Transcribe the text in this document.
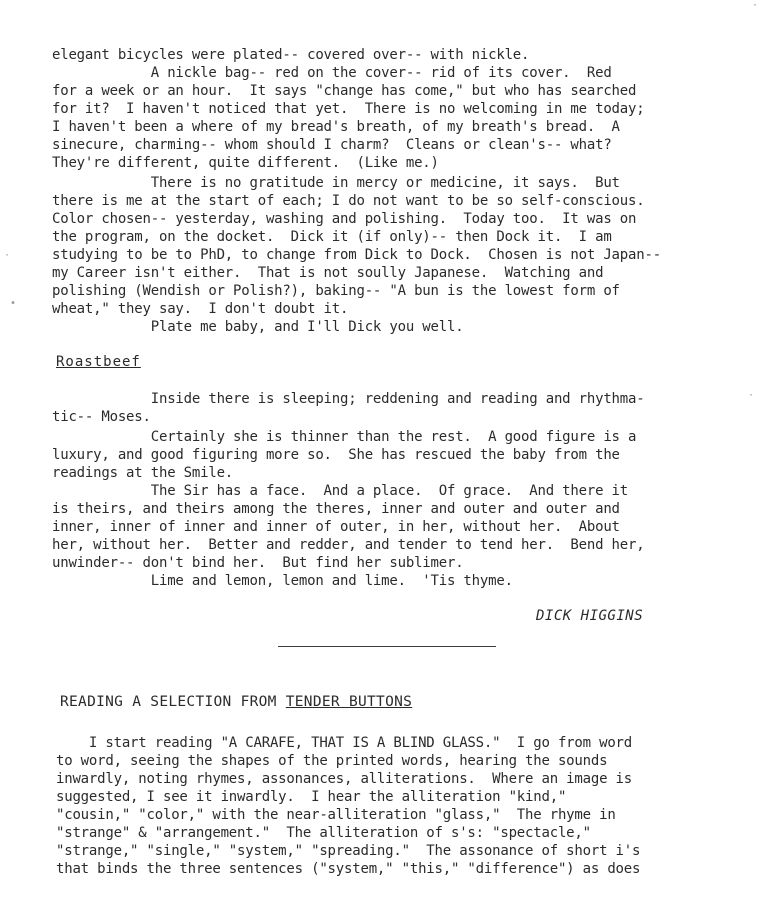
elegant bicycles were plated-- covered over-- with nickle.
A nickle bag-- red on the cover-- rid of its cover.  Red
for a week or an hour.  It says "change has come," but who has searched
for it?  I haven't noticed that yet.  There is no welcoming in me today;
I haven't been a where of my bread's breath, of my breath's bread.  A
sinecure, charming-- whom should I charm?  Cleans or clean's-- what?
They're different, quite different.  (Like me.)
There is no gratitude in mercy or medicine, it says.  But
there is me at the start of each; I do not want to be so self-conscious.
Color chosen-- yesterday, washing and polishing.  Today too.  It was on
the program, on the docket.  Dick it (if only)-- then Dock it.  I am
studying to be to PhD, to change from Dick to Dock.  Chosen is not Japan--
my Career isn't either.  That is not soully Japanese.  Watching and
polishing (Wendish or Polish?), baking-- "A bun is the lowest form of
wheat," they say.  I don't doubt it.
Plate me baby, and I'll Dick you well.
Roastbeef
Inside there is sleeping; reddening and reading and rhythma-
tic-- Moses.
Certainly she is thinner than the rest.  A good figure is a
luxury, and good figuring more so.  She has rescued the baby from the
readings at the Smile.
The Sir has a face.  And a place.  Of grace.  And there it
is theirs, and theirs among the theres, inner and outer and outer and
inner, inner of inner and inner of outer, in her, without her.  About
her, without her.  Better and redder, and tender to tend her.  Bend her,
unwinder-- don't bind her.  But find her sublimer.
Lime and lemon, lemon and lime.  'Tis thyme.
DICK HIGGINS
READING A SELECTION FROM TENDER BUTTONS
I start reading "A CARAFE, THAT IS A BLIND GLASS."  I go from word
to word, seeing the shapes of the printed words, hearing the sounds
inwardly, noting rhymes, assonances, alliterations.  Where an image is
suggested, I see it inwardly.  I hear the alliteration "kind,"
"cousin," "color," with the near-alliteration "glass,"  The rhyme in
"strange" & "arrangement."  The alliteration of s's: "spectacle,"
"strange," "single," "system," "spreading."  The assonance of short i's
that binds the three sentences ("system," "this," "difference") as does
·
•
·
·
